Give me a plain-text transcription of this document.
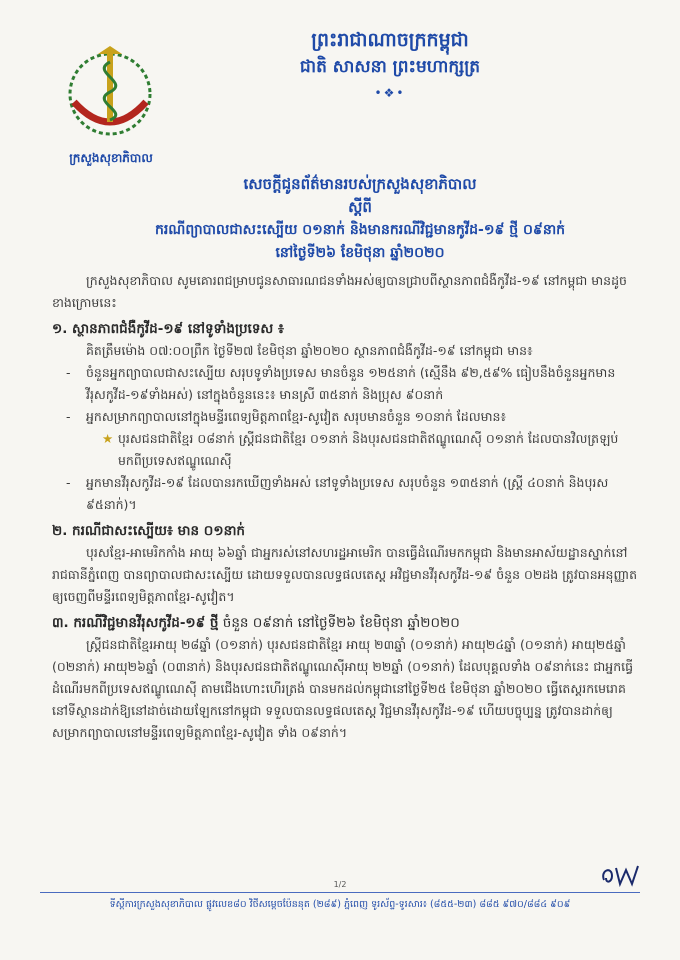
ក្រសួងសុខាភិបាល
ព្រះរាជាណាចក្រកម្ពុជា
ជាតិ សាសនា ព្រះមហាក្សត្រ
•❖•
សេចក្ដីជូនព័ត៌មានរបស់ក្រសួងសុខាភិបាល
ស្ដីពី
ករណីព្យាបាលជាសះស្បើយ ០១នាក់ និងមានករណីវិជ្ជមានកូវីដ-១៩ ថ្មី ០៩នាក់
នៅថ្ងៃទី២៦ ខែមិថុនា ឆ្នាំ២០២០

ក្រសួងសុខាភិបាល សូមគោរពជម្រាបជូនសាធារណជនទាំងអស់ឲ្យបានជ្រាបពីស្ថានភាពជំងឺកូវីដ-១៩ នៅកម្ពុជា មានដូចខាងក្រោមនេះ

១. ស្ថានភាពជំងឺកូវីដ-១៩ នៅទូទាំងប្រទេស ៖

គិតត្រឹមម៉ោង ០៧:០០ព្រឹក ថ្ងៃទី២៧ ខែមិថុនា ឆ្នាំ២០២០ ស្ថានភាពជំងឺកូវីដ-១៩ នៅកម្ពុជា មាន៖

- ចំនួនអ្នកព្យាបាលជាសះស្បើយ សរុបទូទាំងប្រទេស មានចំនួន ១២៥នាក់ (ស្មើនឹង ៩២,៥៩% ធៀបនឹងចំនួនអ្នកមានវីរុសកូវីដ-១៩ទាំងអស់) នៅក្នុងចំនួននេះ៖ មានស្រី ៣៥នាក់ និងប្រុស ៩០នាក់

- អ្នកសម្រាកព្យាបាលនៅក្នុងមន្ទីរពេទ្យមិត្តភាពខ្មែរ-សូវៀត សរុបមានចំនួន ១០នាក់ ដែលមាន៖

★ បុរសជនជាតិខ្មែរ ០៨នាក់ ស្ត្រីជនជាតិខ្មែរ ០១នាក់ និងបុរសជនជាតិឥណ្ឌូណេស៊ី ០១នាក់ ដែលបានវិលត្រឡប់មកពីប្រទេសឥណ្ឌូណេស៊ី

- អ្នកមានវីរុសកូវីដ-១៩ ដែលបានរកឃើញទាំងអស់ នៅទូទាំងប្រទេស សរុបចំនួន ១៣៥នាក់ (ស្ត្រី ៤០នាក់ និងបុរស ៩៥នាក់)។

២. ករណីជាសះស្បើយ៖ មាន ០១នាក់

បុរសខ្មែរ-អាមេរិកកាំង អាយុ ៦៦ឆ្នាំ ជាអ្នករស់នៅសហរដ្ឋអាមេរិក បានធ្វើដំណើរមកកម្ពុជា និងមានអាស័យដ្ឋានស្នាក់នៅរាជធានីភ្នំពេញ បានព្យាបាលជាសះស្បើយ ដោយទទួលបានលទ្ធផលតេស្ត អវិជ្ជមានវីរុសកូវីដ-១៩ ចំនួន ០២ដង ត្រូវបានអនុញ្ញាតឲ្យចេញពីមន្ទីរពេទ្យមិត្តភាពខ្មែរ-សូវៀត។

៣. ករណីវិជ្ជមានវីរុសកូវីដ-១៩ ថ្មី ចំនួន ០៩នាក់ នៅថ្ងៃទី២៦ ខែមិថុនា ឆ្នាំ២០២០

ស្ត្រីជនជាតិខ្មែរអាយុ ២៨ឆ្នាំ (០១នាក់) បុរសជនជាតិខ្មែរ អាយុ ២៣ឆ្នាំ (០១នាក់) អាយុ២៤ឆ្នាំ (០១នាក់) អាយុ២៥ឆ្នាំ (០២នាក់) អាយុ២៦ឆ្នាំ (០៣នាក់) និងបុរសជនជាតិឥណ្ឌូណេស៊ីអាយុ ២២ឆ្នាំ (០១នាក់) ដែលបុគ្គលទាំង ០៩នាក់នេះ ជាអ្នកធ្វើដំណើរមកពីប្រទេសឥណ្ឌូណេស៊ី តាមជើងហោះហើរត្រង់ បានមកដល់កម្ពុជានៅថ្ងៃទី២៥ ខែមិថុនា ឆ្នាំ២០២០ ធ្វើតេស្តរកមេរោគនៅទីស្ថានដាក់ឱ្យនៅដាច់ដោយឡែកនៅកម្ពុជា ទទួលបានលទ្ធផលតេស្ត វិជ្ជមានវីរុសកូវីដ-១៩ ហើយបច្ចុប្បន្ន ត្រូវបានដាក់ឲ្យសម្រាកព្យាបាលនៅមន្ទីរពេទ្យមិត្តភាពខ្មែរ-សូវៀត ទាំង ០៩នាក់។

1/2
ទីស្ដីការក្រសួងសុខាភិបាល ផ្លូវលេខ៨០ វិថីសម្ដេចប៉ែននុត (២៨៩) ភ្នំពេញ ទូរស័ព្ទ-ទូរសារ៖ (៨៥៥-២៣) ៨៨៥ ៩៧០/៨៨៤ ៩០៩
